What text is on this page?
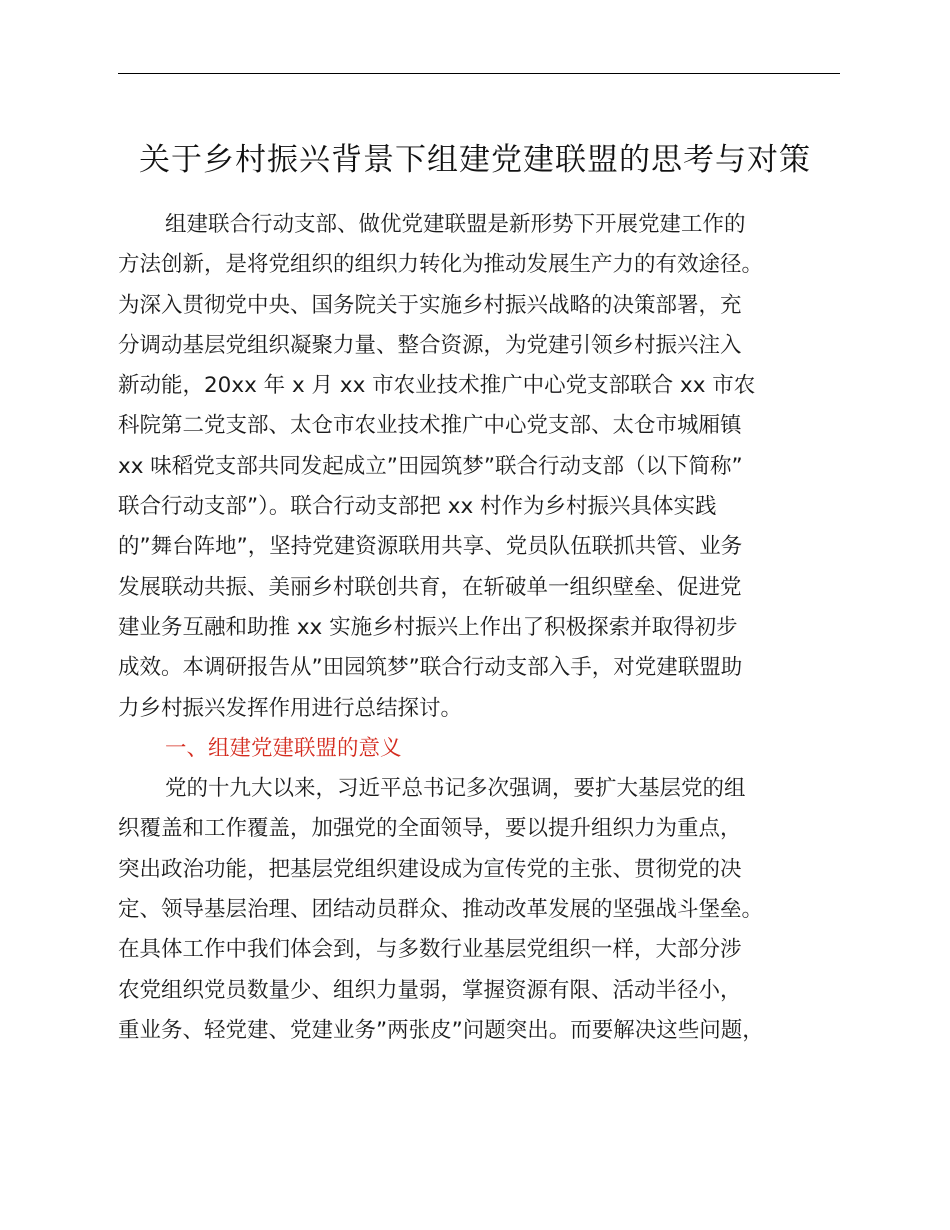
关于乡村振兴背景下组建党建联盟的思考与对策
组建联合行动支部、做优党建联盟是新形势下开展党建工作的
方法创新，是将党组织的组织力转化为推动发展生产力的有效途径。
为深入贯彻党中央、国务院关于实施乡村振兴战略的决策部署，充
分调动基层党组织凝聚力量、整合资源，为党建引领乡村振兴注入
新动能，20xx 年 x 月 xx 市农业技术推广中心党支部联合 xx 市农
科院第二党支部、太仓市农业技术推广中心党支部、太仓市城厢镇
xx 味稻党支部共同发起成立”田园筑梦”联合行动支部（以下简称”
联合行动支部”）。联合行动支部把 xx 村作为乡村振兴具体实践
的”舞台阵地”，坚持党建资源联用共享、党员队伍联抓共管、业务
发展联动共振、美丽乡村联创共育，在斩破单一组织壁垒、促进党
建业务互融和助推 xx 实施乡村振兴上作出了积极探索并取得初步
成效。本调研报告从”田园筑梦”联合行动支部入手，对党建联盟助
力乡村振兴发挥作用进行总结探讨。
一、组建党建联盟的意义
党的十九大以来，习近平总书记多次强调，要扩大基层党的组
织覆盖和工作覆盖，加强党的全面领导，要以提升组织力为重点，
突出政治功能，把基层党组织建设成为宣传党的主张、贯彻党的决
定、领导基层治理、团结动员群众、推动改革发展的坚强战斗堡垒。
在具体工作中我们体会到，与多数行业基层党组织一样，大部分涉
农党组织党员数量少、组织力量弱，掌握资源有限、活动半径小，
重业务、轻党建、党建业务”两张皮”问题突出。而要解决这些问题，
